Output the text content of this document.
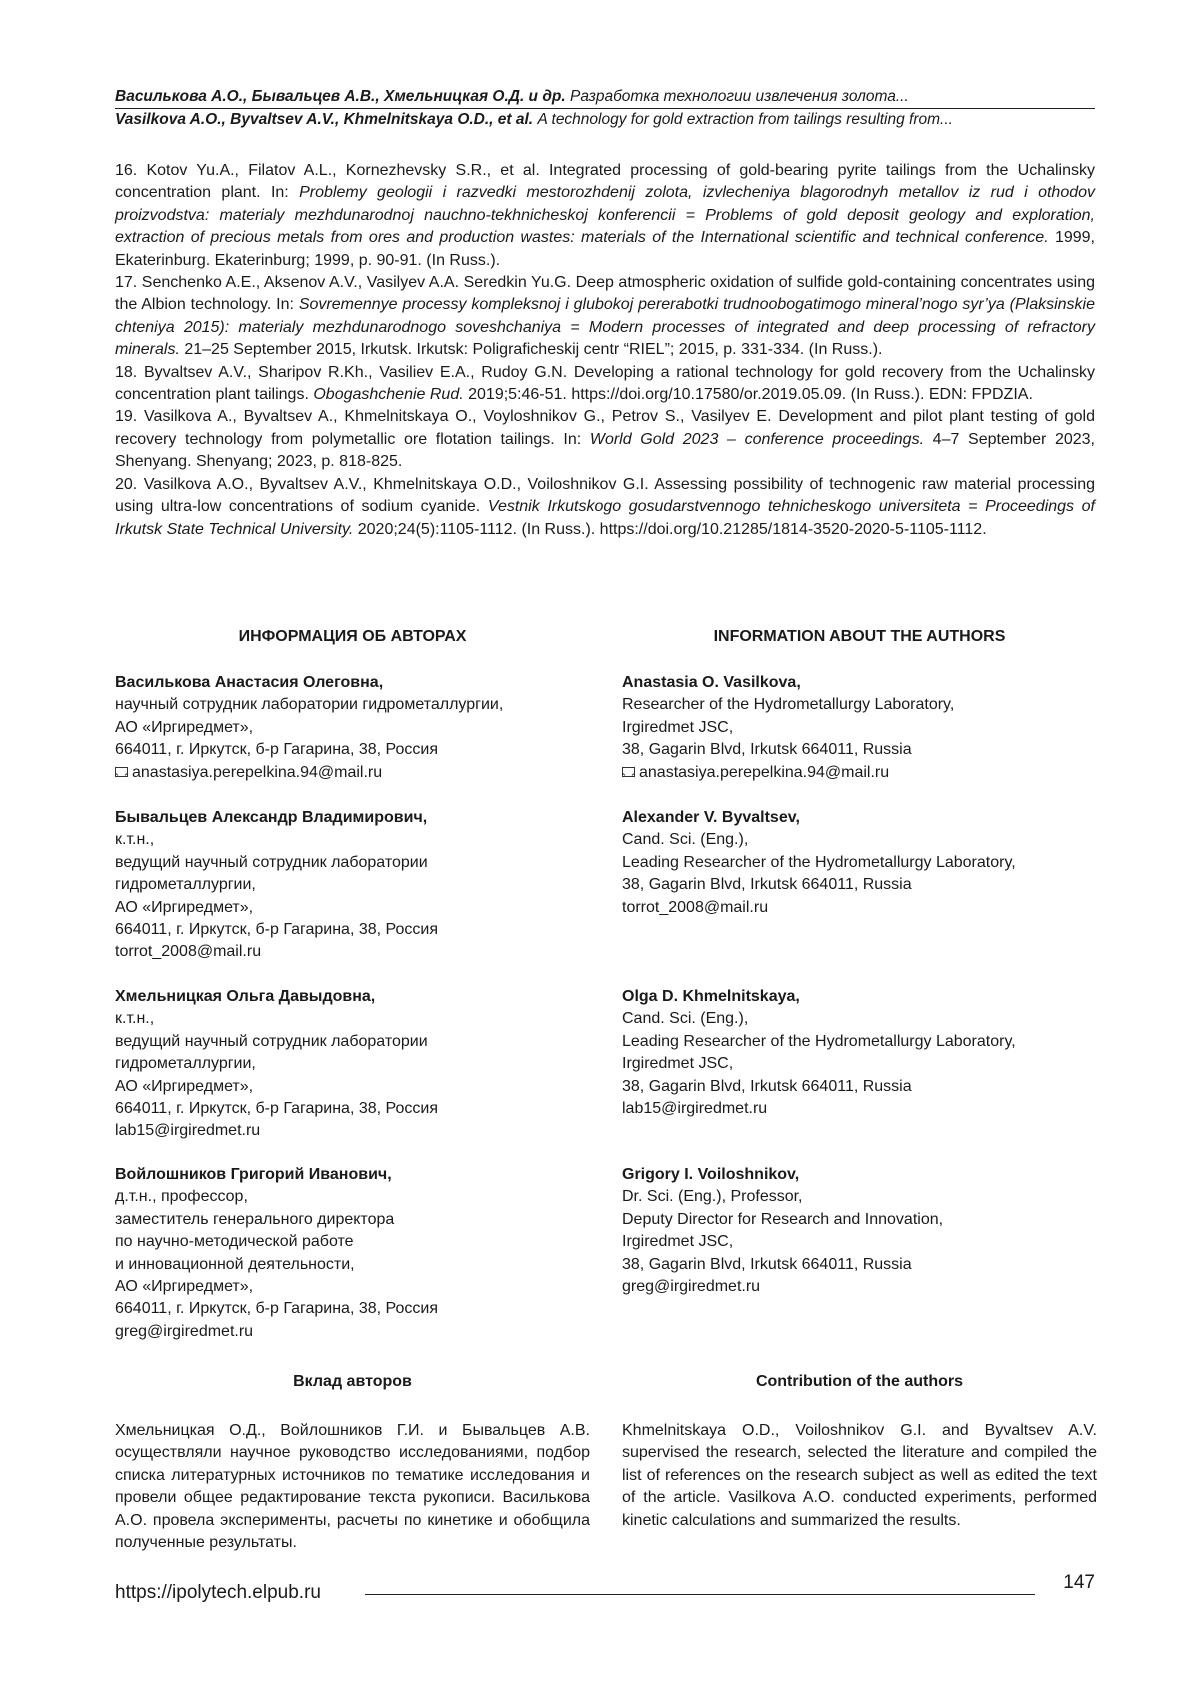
Василькова А.О., Бывальцев А.В., Хмельницкая О.Д. и др. Разработка технологии извлечения золота...
Vasilkova A.O., Byvaltsev A.V., Khmelnitskaya O.D., et al. A technology for gold extraction from tailings resulting from...

16. Kotov Yu.A., Filatov A.L., Kornezhevsky S.R., et al. Integrated processing of gold-bearing pyrite tailings from the Uchalinsky concentration plant. In: Problemy geologii i razvedki mestorozhdenij zolota, izvlecheniya blagorodnyh metallov iz rud i othodov proizvodstva: materialy mezhdunarodnoj nauchno-tekhnicheskoj konferencii = Problems of gold deposit geology and exploration, extraction of precious metals from ores and production wastes: materials of the International scientific and technical conference. 1999, Ekaterinburg. Ekaterinburg; 1999, p. 90-91. (In Russ.).

17. Senchenko A.E., Aksenov A.V., Vasilyev A.A. Seredkin Yu.G. Deep atmospheric oxidation of sulfide gold-containing concentrates using the Albion technology. In: Sovremennye processy kompleksnoj i glubokoj pererabotki trudnoobogatimogo mineral’nogo syr’ya (Plaksinskie chteniya 2015): materialy mezhdunarodnogo soveshchaniya = Modern processes of integrated and deep processing of refractory minerals. 21–25 September 2015, Irkutsk. Irkutsk: Poligraficheskij centr “RIEL”; 2015, p. 331-334. (In Russ.).

18. Byvaltsev A.V., Sharipov R.Kh., Vasiliev E.A., Rudoy G.N. Developing a rational technology for gold recovery from the Uchalinsky concentration plant tailings. Obogashchenie Rud. 2019;5:46-51. https://doi.org/10.17580/or.2019.05.09. (In Russ.). EDN: FPDZIA.

19. Vasilkova A., Byvaltsev A., Khmelnitskaya O., Voyloshnikov G., Petrov S., Vasilyev E. Development and pilot plant testing of gold recovery technology from polymetallic ore flotation tailings. In: World Gold 2023 – conference proceedings. 4–7 September 2023, Shenyang. Shenyang; 2023, p. 818-825.

20. Vasilkova A.O., Byvaltsev A.V., Khmelnitskaya O.D., Voiloshnikov G.I. Assessing possibility of technogenic raw material processing using ultra-low concentrations of sodium cyanide. Vestnik Irkutskogo gosudarstvennogo tehnicheskogo universiteta = Proceedings of Irkutsk State Technical University. 2020;24(5):1105-1112. (In Russ.). https://doi.org/10.21285/1814-3520-2020-5-1105-1112.

ИНФОРМАЦИЯ ОБ АВТОРАХ

Василькова Анастасия Олеговна,

научный сотрудник лаборатории гидрометаллургии,

АО «Иргиредмет»,

664011, г. Иркутск, б-р Гагарина, 38, Россия

anastasiya.perepelkina.94@mail.ru

Бывальцев Александр Владимирович,

к.т.н.,

ведущий научный сотрудник лаборатории

гидрометаллургии,

АО «Иргиредмет»,

664011, г. Иркутск, б-р Гагарина, 38, Россия

torrot_2008@mail.ru

Хмельницкая Ольга Давыдовна,

к.т.н.,

ведущий научный сотрудник лаборатории

гидрометаллургии,

АО «Иргиредмет»,

664011, г. Иркутск, б-р Гагарина, 38, Россия

lab15@irgiredmet.ru

Войлошников Григорий Иванович,

д.т.н., профессор,

заместитель генерального директора

по научно-методической работе

и инновационной деятельности,

АО «Иргиредмет»,

664011, г. Иркутск, б-р Гагарина, 38, Россия

greg@irgiredmet.ru

Вклад авторов

Хмельницкая О.Д., Войлошников Г.И. и Бывальцев А.В. осуществляли научное руководство исследованиями, подбор списка литературных источников по тематике исследования и провели общее редактирование текста рукописи. Василькова А.О. провела эксперименты, расчеты по кинетике и обобщила полученные результаты.

INFORMATION ABOUT THE AUTHORS

Anastasia O. Vasilkova,

Researcher of the Hydrometallurgy Laboratory,

Irgiredmet JSC,

38, Gagarin Blvd, Irkutsk 664011, Russia

anastasiya.perepelkina.94@mail.ru

Alexander V. Byvaltsev,

Cand. Sci. (Eng.),

Leading Researcher of the Hydrometallurgy Laboratory,

38, Gagarin Blvd, Irkutsk 664011, Russia

torrot_2008@mail.ru

Olga D. Khmelnitskaya,

Cand. Sci. (Eng.),

Leading Researcher of the Hydrometallurgy Laboratory,

Irgiredmet JSC,

38, Gagarin Blvd, Irkutsk 664011, Russia

lab15@irgiredmet.ru

Grigory I. Voiloshnikov,

Dr. Sci. (Eng.), Professor,

Deputy Director for Research and Innovation,

Irgiredmet JSC,

38, Gagarin Blvd, Irkutsk 664011, Russia

greg@irgiredmet.ru

Contribution of the authors

Khmelnitskaya O.D., Voiloshnikov G.I. and Byvaltsev A.V. supervised the research, selected the literature and compiled the list of references on the research subject as well as edited the text of the article. Vasilkova A.O. conducted experiments, performed kinetic calculations and summarized the results.

https://ipolytech.elpub.ru	147
